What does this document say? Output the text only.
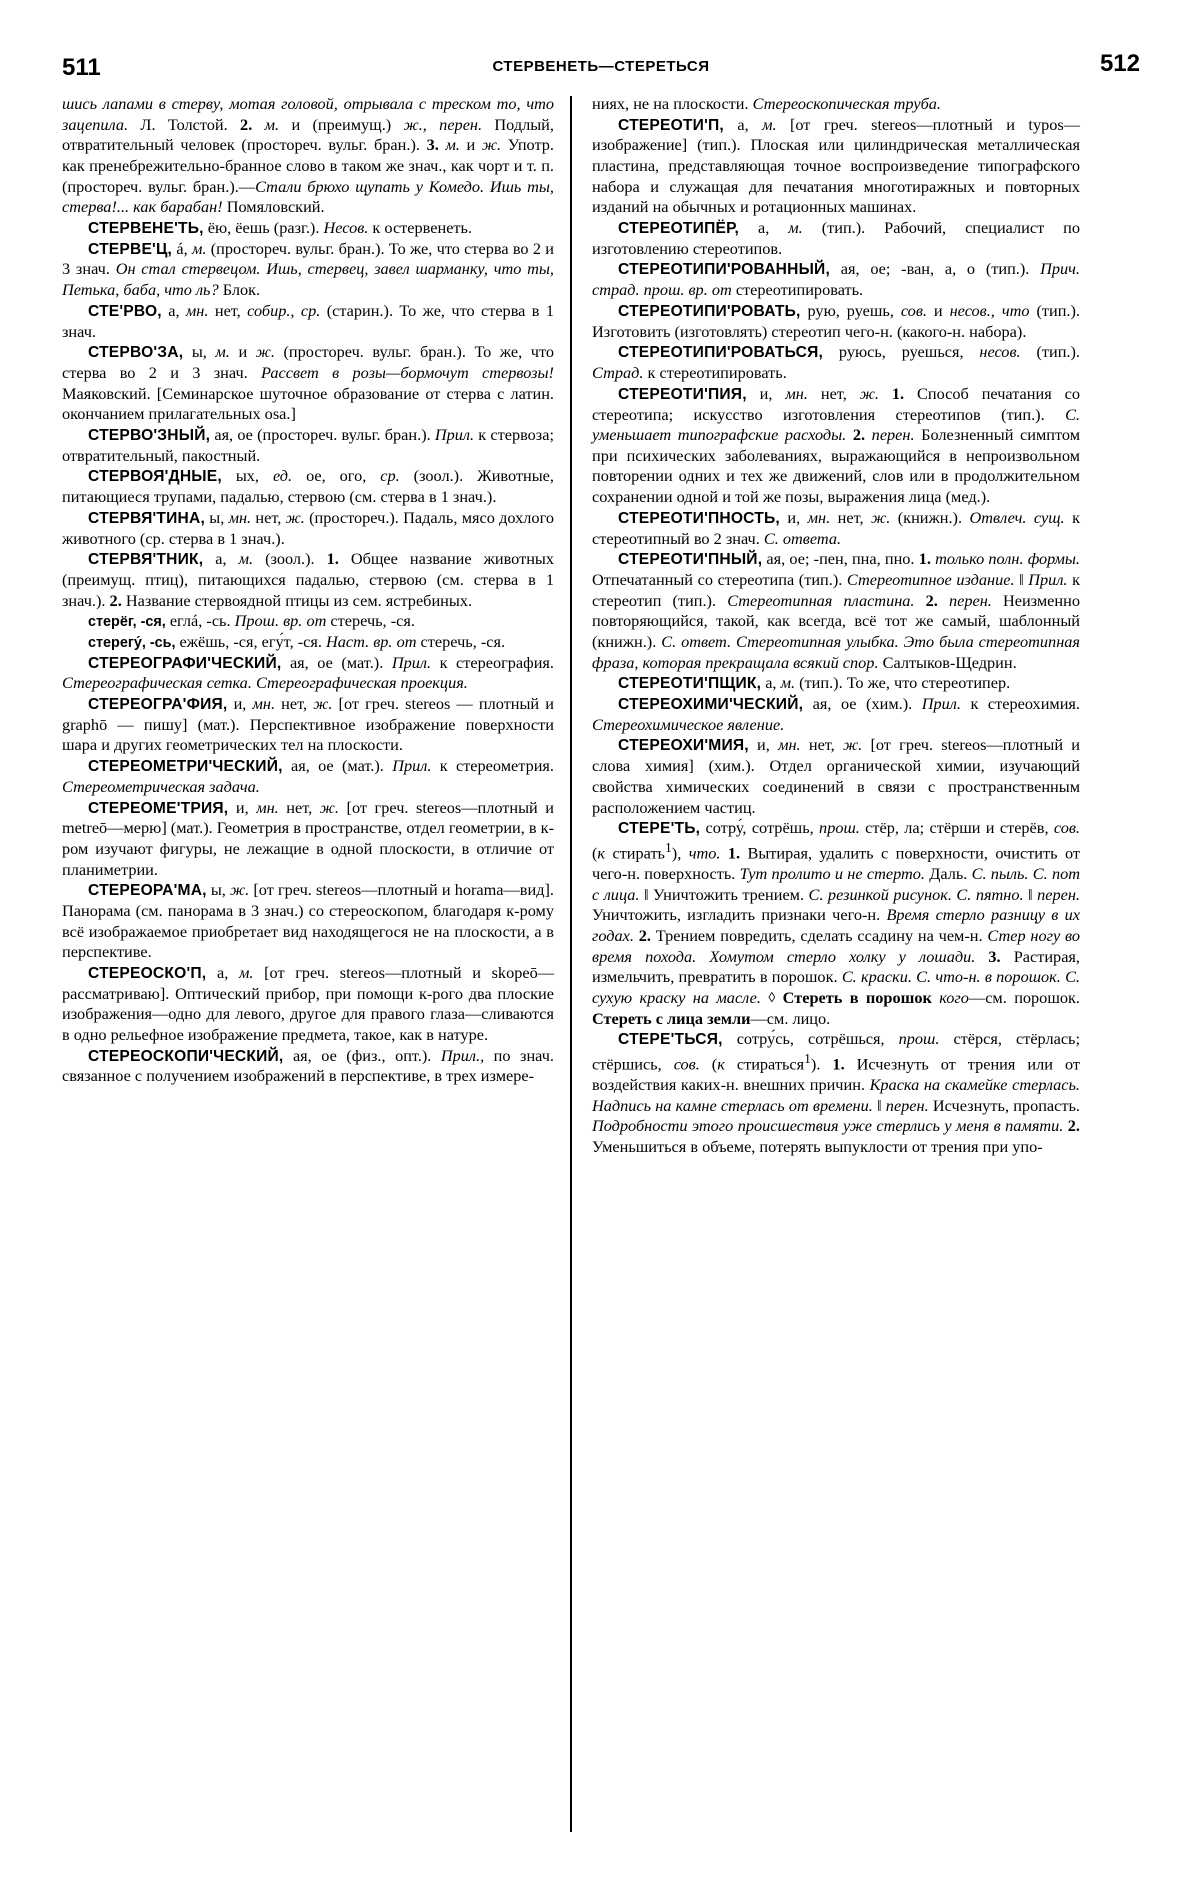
511	СТЕРВЕНЕТЬ—СТЕРЕТЬСЯ	512

шись лапами в стерву, мотая головой, отрывала с треском то, что зацепила. Л. Толстой. 2. м. и (преимущ.) ж., перен. Подлый, отвратительный человек (простореч. вульг. бран.). 3. м. и ж. Употр. как пренебрежительно-бранное слово в таком же знач., как чорт и т. п. (простореч. вульг. бран.).—Стали брюхо щупать у Комедо. Ишь ты, стерва!... как барабан! Помяловский.

СТЕРВЕНЕ'ТЬ, ёю, ёешь (разг.). Несов. к остервенеть.

СТЕРВЕ'Ц, á, м. (простореч. вульг. бран.). То же, что стерва во 2 и 3 знач. Он стал стервецом. Ишь, стервец, завел шарманку, что ты, Петька, баба, что ль? Блок.

СТЕ'РВО, а, мн. нет, собир., ср. (старин.). То же, что стерва в 1 знач.

СТЕРВО'ЗА, ы, м. и ж. (простореч. вульг. бран.). То же, что стерва во 2 и 3 знач. Рассвет в розы—бормочут стервозы! Маяковский. [Семинарское шуточное образование от стерва с латин. окончанием прилагательных osa.]

СТЕРВО'ЗНЫЙ, ая, ое (простореч. вульг. бран.). Прил. к стервоза; отвратительный, пакостный.

СТЕРВОЯ'ДНЫЕ, ых, ед. ое, ого, ср. (зоол.). Животные, питающиеся трупами, падалью, стервою (см. стерва в 1 знач.).

СТЕРВЯ'ТИНА, ы, мн. нет, ж. (простореч.). Падаль, мясо дохлого животного (ср. стерва в 1 знач.).

СТЕРВЯ'ТНИК, а, м. (зоол.). 1. Общее название животных (преимущ. птиц), питающихся падалью, стервою (см. стерва в 1 знач.). 2. Название стервоядной птицы из сем. ястребиных.

стерёг, -ся, еглá, -сь. Прош. вр. от стеречь, -ся.

стерегу́, -сь, ежёшь, -ся, егу́т, -ся. Наст. вр. от стеречь, -ся.

СТЕРЕОГРАФИ'ЧЕСКИЙ, ая, ое (мат.). Прил. к стереография. Стереографическая сетка. Стереографическая проекция.

СТЕРЕОГРА'ФИЯ, и, мн. нет, ж. [от греч. stereos — плотный и graphō — пишу] (мат.). Перспективное изображение поверхности шара и других геометрических тел на плоскости.

СТЕРЕОМЕТРИ'ЧЕСКИЙ, ая, ое (мат.). Прил. к стереометрия. Стереометрическая задача.

СТЕРЕОМЕ'ТРИЯ, и, мн. нет, ж. [от греч. stereos—плотный и metreō—мерю] (мат.). Геометрия в пространстве, отдел геометрии, в к-ром изучают фигуры, не лежащие в одной плоскости, в отличие от планиметрии.

СТЕРЕОРА'МА, ы, ж. [от греч. stereos—плотный и horama—вид]. Панорама (см. панорама в 3 знач.) со стереоскопом, благодаря к-рому всё изображаемое приобретает вид находящегося не на плоскости, а в перспективе.

СТЕРЕОСКО'П, а, м. [от греч. stereos—плотный и skopeō—рассматриваю]. Оптический прибор, при помощи к-рого два плоские изображения—одно для левого, другое для правого глаза—сливаются в одно рельефное изображение предмета, такое, как в натуре.

СТЕРЕОСКОПИ'ЧЕСКИЙ, ая, ое (физ., опт.). Прил., по знач. связанное с получением изображений в перспективе, в трех измере-

ниях, не на плоскости. Стереоскопическая труба.

СТЕРЕОТИ'П, а, м. [от греч. stereos—плотный и typos—изображение] (тип.). Плоская или цилиндрическая металлическая пластина, представляющая точное воспроизведение типографского набора и служащая для печатания многотиражных и повторных изданий на обычных и ротационных машинах.

СТЕРЕОТИПЁР, а, м. (тип.). Рабочий, специалист по изготовлению стереотипов.

СТЕРЕОТИПИ'РОВАННЫЙ, ая, ое; -ван, а, о (тип.). Прич. страд. прош. вр. от стереотипировать.

СТЕРЕОТИПИ'РОВАТЬ, рую, руешь, сов. и несов., что (тип.). Изготовить (изготовлять) стереотип чего-н. (какого-н. набора).

СТЕРЕОТИПИ'РОВАТЬСЯ, руюсь, руешься, несов. (тип.). Страд. к стереотипировать.

СТЕРЕОТИ'ПИЯ, и, мн. нет, ж. 1. Способ печатания со стереотипа; искусство изготовления стереотипов (тип.). С. уменьшает типографские расходы. 2. перен. Болезненный симптом при психических заболеваниях, выражающийся в непроизвольном повторении одних и тех же движений, слов или в продолжительном сохранении одной и той же позы, выражения лица (мед.).

СТЕРЕОТИ'ПНОСТЬ, и, мн. нет, ж. (книжн.). Отвлеч. сущ. к стереотипный во 2 знач. С. ответа.

СТЕРЕОТИ'ПНЫЙ, ая, ое; -пен, пна, пно. 1. только полн. формы. Отпечатанный со стереотипа (тип.). Стереотипное издание. ‖ Прил. к стереотип (тип.). Стереотипная пластина. 2. перен. Неизменно повторяющийся, такой, как всегда, всё тот же самый, шаблонный (книжн.). С. ответ. Стереотипная улыбка. Это была стереотипная фраза, которая прекращала всякий спор. Салтыков-Щедрин.

СТЕРЕОТИ'ПЩИК, а, м. (тип.). То же, что стереотипер.

СТЕРЕОХИМИ'ЧЕСКИЙ, ая, ое (хим.). Прил. к стереохимия. Стереохимическое явление.

СТЕРЕОХИ'МИЯ, и, мн. нет, ж. [от греч. stereos—плотный и слова химия] (хим.). Отдел органической химии, изучающий свойства химических соединений в связи с пространственным расположением частиц.

СТЕРЕ'ТЬ, сотру́, сотрёшь, прош. стёр, ла; стёрши и стерёв, сов. (к стирать$^1$), что. 1. Вытирая, удалить с поверхности, очистить от чего-н. поверхность. Тут пролито и не стерто. Даль. С. пыль. С. пот с лица. ‖ Уничтожить трением. С. резинкой рисунок. С. пятно. ‖ перен. Уничтожить, изгладить признаки чего-н. Время стерло разницу в их годах. 2. Трением повредить, сделать ссадину на чем-н. Стер ногу во время похода. Хомутом стерло холку у лошади. 3. Растирая, измельчить, превратить в порошок. С. краски. С. что-н. в порошок. С. сухую краску на масле. ◊ Стереть в порошок кого—см. порошок. Стереть с лица земли—см. лицо.

СТЕРЕ'ТЬСЯ, сотру́сь, сотрёшься, прош. стёрся, стёрлась; стёршись, сов. (к стираться$^1$). 1. Исчезнуть от трения или от воздействия каких-н. внешних причин. Краска на скамейке стерлась. Надпись на камне стерлась от времени. ‖ перен. Исчезнуть, пропасть. Подробности этого происшествия уже стерлись у меня в памяти. 2. Уменьшиться в объеме, потерять выпуклости от трения при упо-
